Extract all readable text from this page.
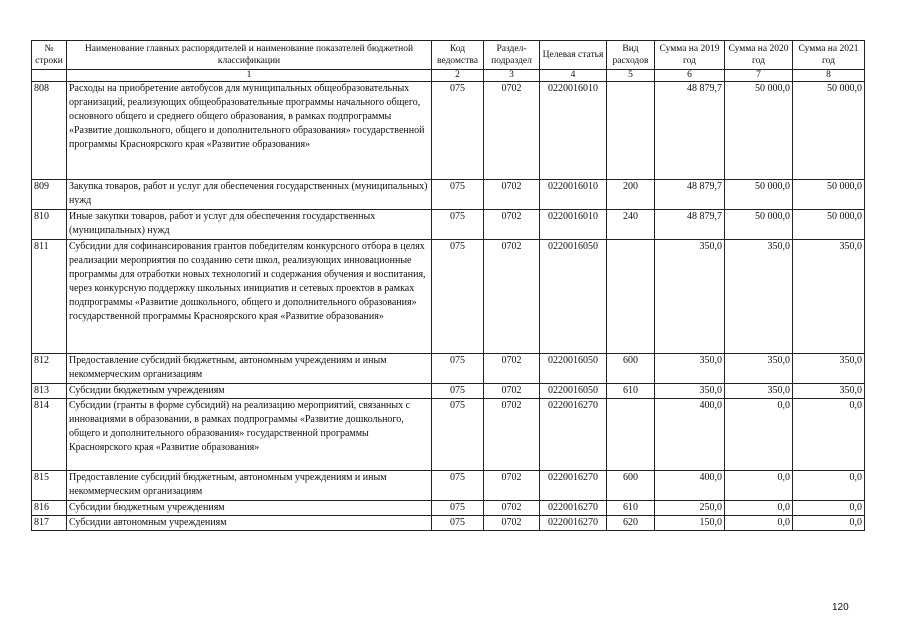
№ строки	Наименование главных распорядителей и наименование показателей бюджетной классификации	Код ведомства	Раздел-подраздел	Целевая статья	Вид расходов	Сумма на 2019 год	Сумма на 2020 год	Сумма на 2021 год
	1	2	3	4	5	6	7	8
808	Расходы на приобретение автобусов для муниципальных общеобразовательных организаций, реализующих общеобразовательные программы начального общего, основного общего и среднего общего образования, в рамках подпрограммы «Развитие дошкольного, общего и дополнительного образования» государственной программы Красноярского края «Развитие образования»	075	0702	0220016010		48 879,7	50 000,0	50 000,0
809	Закупка товаров, работ и услуг для обеспечения государственных (муниципальных) нужд	075	0702	0220016010	200	48 879,7	50 000,0	50 000,0
810	Иные закупки товаров, работ и услуг для обеспечения государственных (муниципальных) нужд	075	0702	0220016010	240	48 879,7	50 000,0	50 000,0
811	Субсидии для софинансирования грантов победителям конкурсного отбора в целях реализации мероприятия по созданию сети школ, реализующих инновационные программы для отработки новых технологий и содержания обучения и воспитания, через конкурсную поддержку школьных инициатив и сетевых проектов в рамках подпрограммы «Развитие дошкольного, общего и дополнительного образования» государственной программы Красноярского края «Развитие образования»	075	0702	0220016050		350,0	350,0	350,0
812	Предоставление субсидий бюджетным, автономным учреждениям и иным некоммерческим организациям	075	0702	0220016050	600	350,0	350,0	350,0
813	Субсидии бюджетным учреждениям	075	0702	0220016050	610	350,0	350,0	350,0
814	Субсидии (гранты в форме субсидий) на реализацию мероприятий, связанных с инновациями в образовании, в рамках подпрограммы «Развитие дошкольного, общего и дополнительного образования» государственной программы Красноярского края «Развитие образования»	075	0702	0220016270		400,0	0,0	0,0
815	Предоставление субсидий бюджетным, автономным учреждениям и иным некоммерческим организациям	075	0702	0220016270	600	400,0	0,0	0,0
816	Субсидии бюджетным учреждениям	075	0702	0220016270	610	250,0	0,0	0,0
817	Субсидии автономным учреждениям	075	0702	0220016270	620	150,0	0,0	0,0
120
